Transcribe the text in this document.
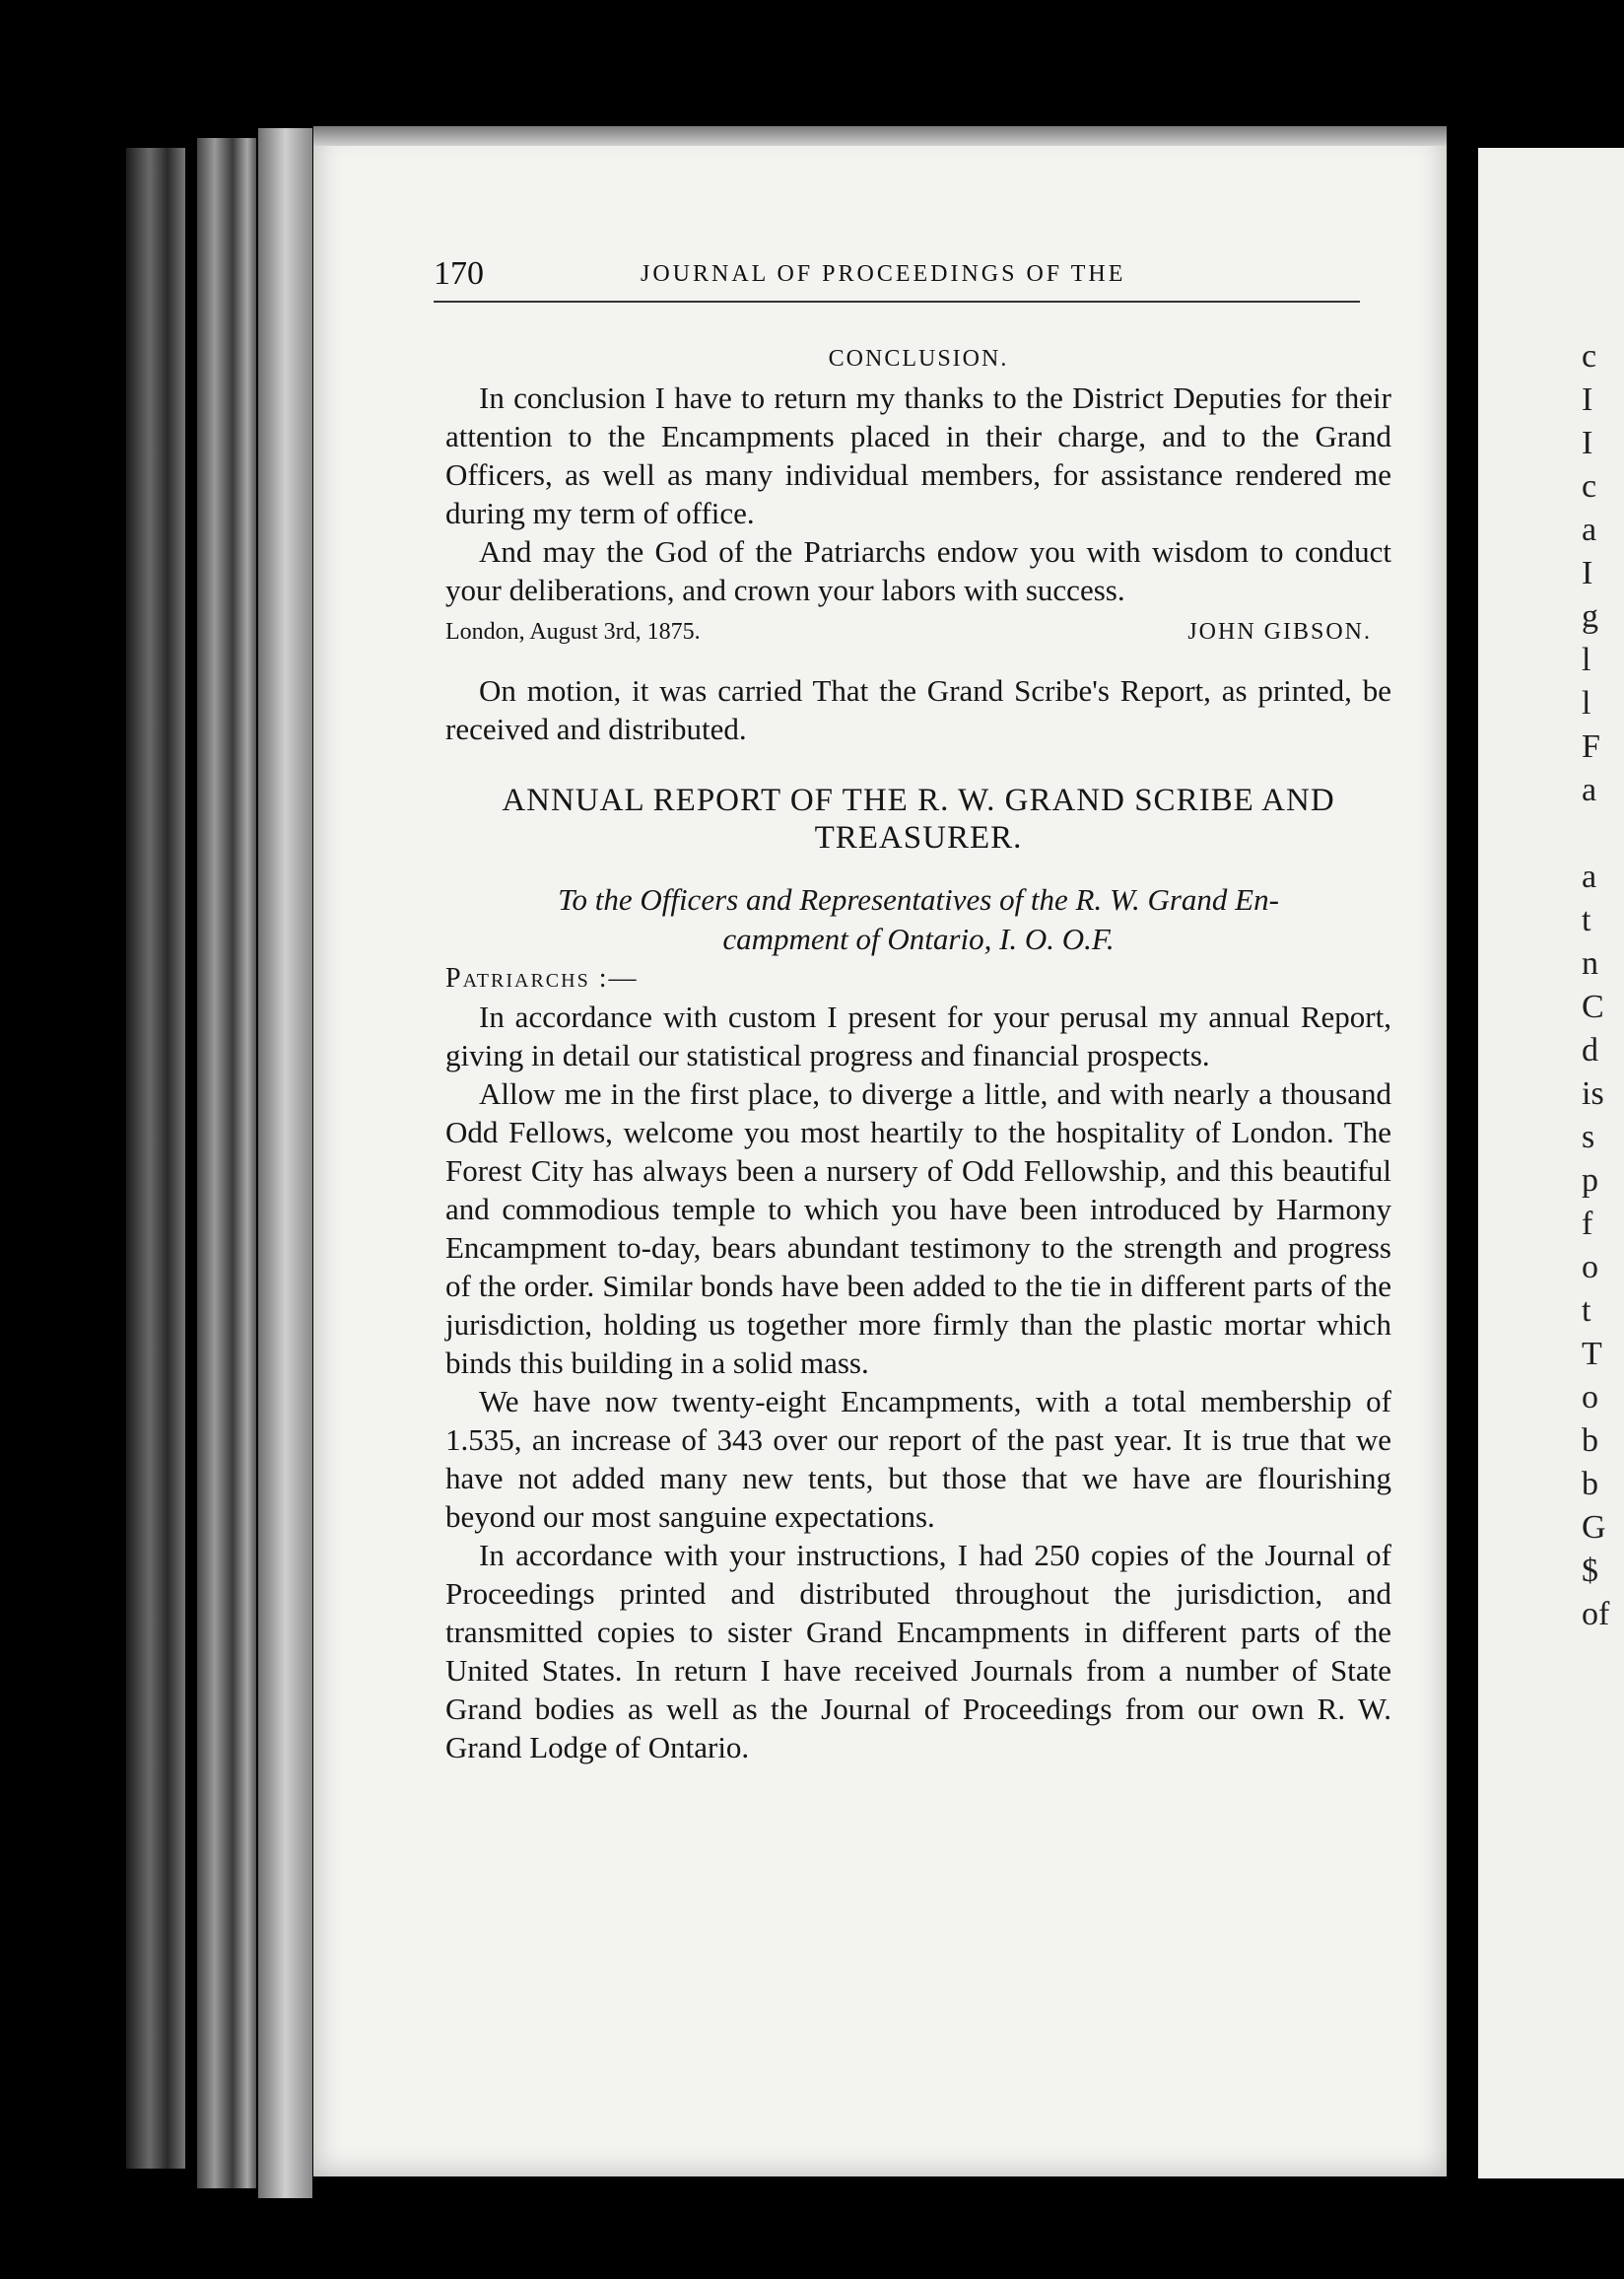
c
I
I
c
a
I
g
l
l
F
a

a
t
n
C
d
is
s
p
f
o
t
T
o
b
b
G
$
of
170	JOURNAL OF PROCEEDINGS OF THE

CONCLUSION.

In conclusion I have to return my thanks to the District Deputies for their attention to the Encampments placed in their charge, and to the Grand Officers, as well as many individual members, for assistance rendered me during my term of office.

And may the God of the Patriarchs endow you with wisdom to conduct your deliberations, and crown your labors with success.

London, August 3rd, 1875.	JOHN GIBSON.

On motion, it was carried That the Grand Scribe's Report, as printed, be received and distributed.

ANNUAL REPORT OF THE R. W. GRAND SCRIBE AND
TREASURER.
To the Officers and Representatives of the R. W. Grand En-
campment of Ontario, I. O. O.F.

Patriarchs :—

In accordance with custom I present for your perusal my annual Report, giving in detail our statistical progress and financial prospects.

Allow me in the first place, to diverge a little, and with nearly a thousand Odd Fellows, welcome you most heartily to the hospitality of London. The Forest City has always been a nursery of Odd Fellowship, and this beautiful and commodious temple to which you have been introduced by Harmony Encampment to-day, bears abundant testimony to the strength and progress of the order. Similar bonds have been added to the tie in different parts of the jurisdiction, holding us together more firmly than the plastic mortar which binds this building in a solid mass.

We have now twenty-eight Encampments, with a total membership of 1.535, an increase of 343 over our report of the past year. It is true that we have not added many new tents, but those that we have are flourishing beyond our most sanguine expectations.

In accordance with your instructions, I had 250 copies of the Journal of Proceedings printed and distributed throughout the jurisdiction, and transmitted copies to sister Grand Encampments in different parts of the United States. In return I have received Journals from a number of State Grand bodies as well as the Journal of Proceedings from our own R. W. Grand Lodge of Ontario.
